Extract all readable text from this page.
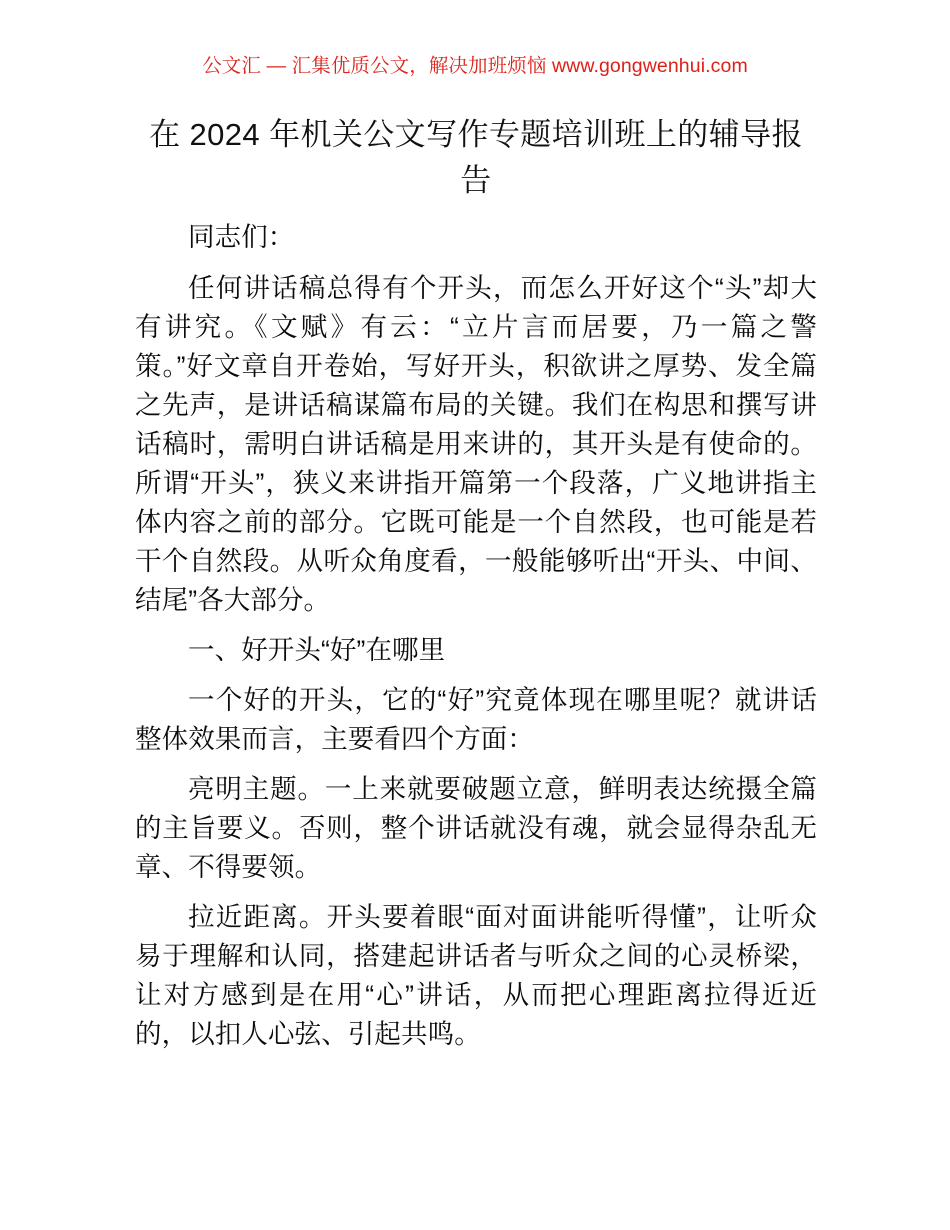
公文汇 — 汇集优质公文，解决加班烦恼 www.gongwenhui.com
在 2024 年机关公文写作专题培训班上的辅导报告

同志们：

任何讲话稿总得有个开头，而怎么开好这个“头”却大有讲究。《文赋》有云：“立片言而居要，乃一篇之警策。”好文章自开卷始，写好开头，积欲讲之厚势、发全篇之先声，是讲话稿谋篇布局的关键。我们在构思和撰写讲话稿时，需明白讲话稿是用来讲的，其开头是有使命的。所谓“开头”，狭义来讲指开篇第一个段落，广义地讲指主体内容之前的部分。它既可能是一个自然段，也可能是若干个自然段。从听众角度看，一般能够听出“开头、中间、结尾”各大部分。

一、好开头“好”在哪里

一个好的开头，它的“好”究竟体现在哪里呢？就讲话整体效果而言，主要看四个方面：

亮明主题。一上来就要破题立意，鲜明表达统摄全篇的主旨要义。否则，整个讲话就没有魂，就会显得杂乱无章、不得要领。

拉近距离。开头要着眼“面对面讲能听得懂”，让听众易于理解和认同，搭建起讲话者与听众之间的心灵桥梁，让对方感到是在用“心”讲话，从而把心理距离拉得近近的，以扣人心弦、引起共鸣。
